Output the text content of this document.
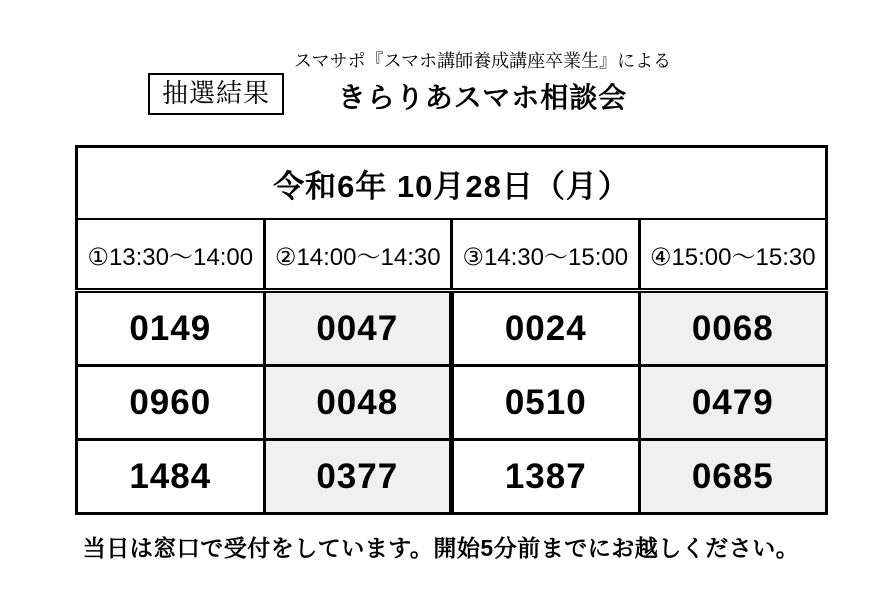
抽選結果
スマサポ『スマホ講師養成講座卒業生』による
きらりあスマホ相談会
令和6年 10月28日（月）			
①13:30～14:00	②14:00～14:30	③14:30～15:00	④15:00～15:30
0149	0047	0024	0068
0960	0048	0510	0479
1484	0377	1387	0685
当日は窓口で受付をしています。開始5分前までにお越しください。
